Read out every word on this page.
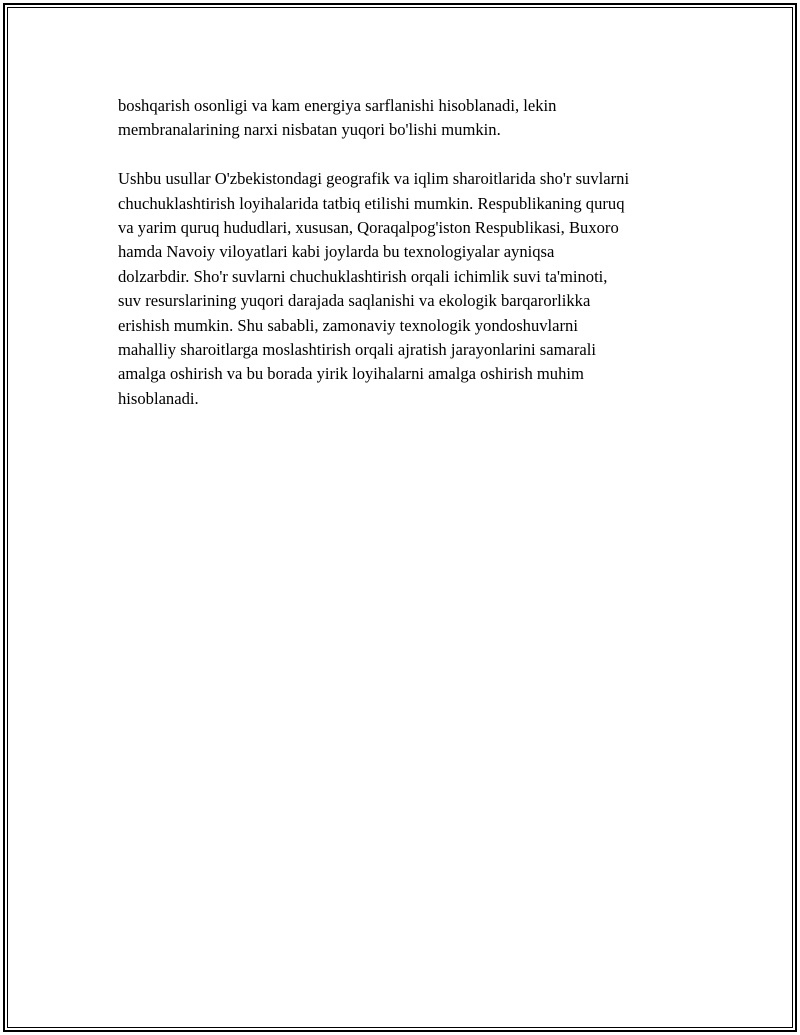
boshqarish osonligi va kam energiya sarflanishi hisoblanadi, lekin
membranalarining narxi nisbatan yuqori bo'lishi mumkin.

Ushbu usullar O'zbekistondagi geografik va iqlim sharoitlarida sho'r suvlarni
chuchuklashtirish loyihalarida tatbiq etilishi mumkin. Respublikaning quruq
va yarim quruq hududlari, xususan, Qoraqalpog'iston Respublikasi, Buxoro
hamda Navoiy viloyatlari kabi joylarda bu texnologiyalar ayniqsa
dolzarbdir. Sho'r suvlarni chuchuklashtirish orqali ichimlik suvi ta'minoti,
suv resurslarining yuqori darajada saqlanishi va ekologik barqarorlikka
erishish mumkin. Shu sababli, zamonaviy texnologik yondoshuvlarni
mahalliy sharoitlarga moslashtirish orqali ajratish jarayonlarini samarali
amalga oshirish va bu borada yirik loyihalarni amalga oshirish muhim
hisoblanadi.
